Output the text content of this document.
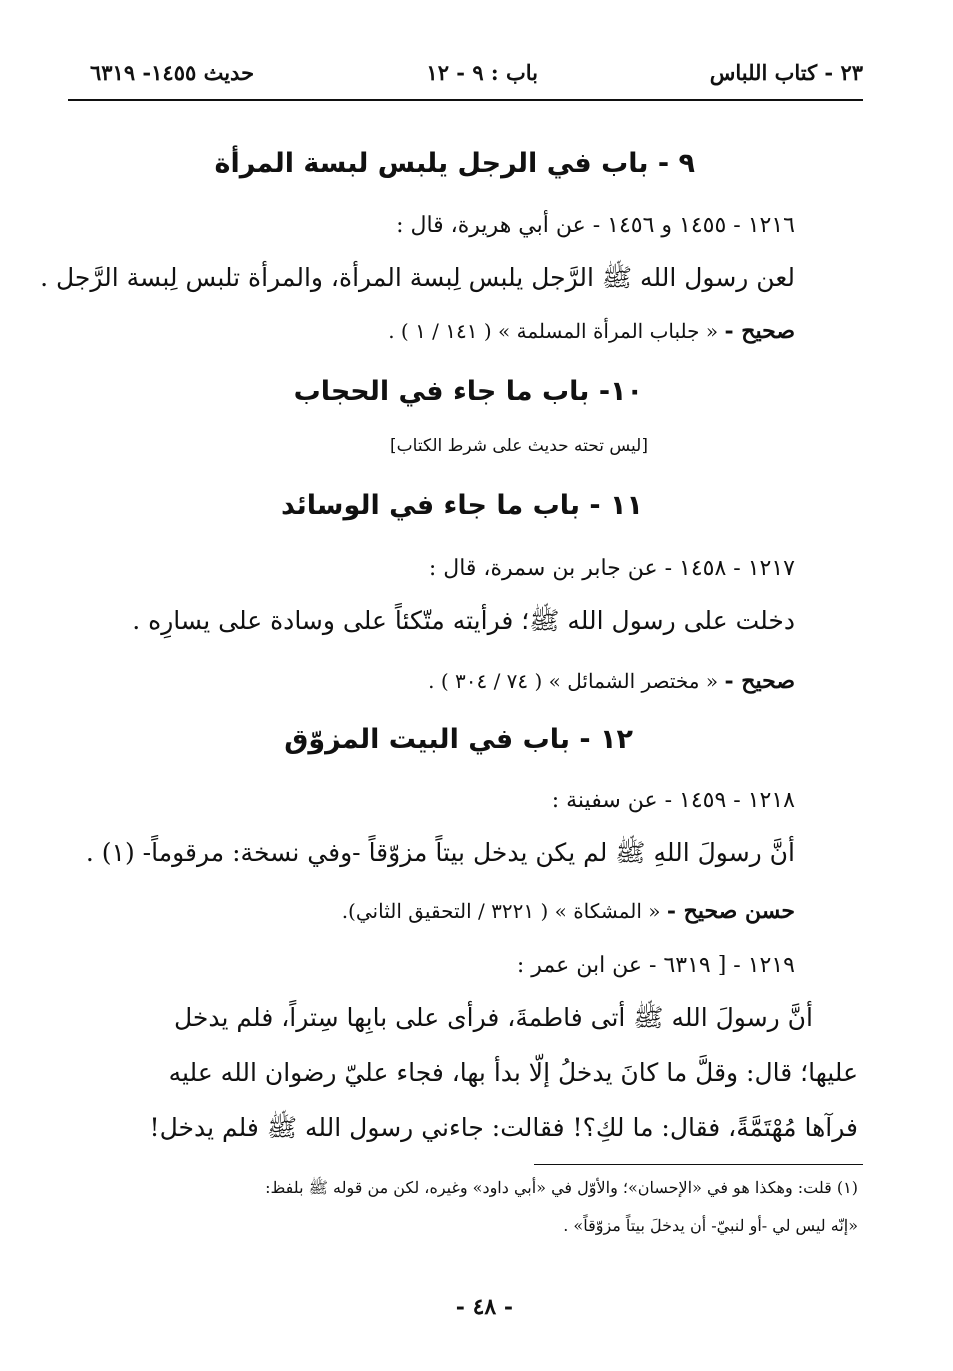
٢٣ - كتاب اللباس
باب : ٩ - ١٢
حديث ١٤٥٥- ٦٣١٩
٩ - باب في الرجل يلبس لبسة المرأة
١٢١٦ - ١٤٥٥ و ١٤٥٦ - عن أبي هريرة، قال :
لعن رسول الله ﷺ الرَّجل يلبس لِبسة المرأة، والمرأة تلبس لِبسة الرَّجل .
صحيح - « جلباب المرأة المسلمة » ( ١٤١ / ١ ) .
١٠- باب ما جاء في الحجاب
[ليس تحته حديث على شرط الكتاب]
١١ - باب ما جاء في الوسائد
١٢١٧ - ١٤٥٨ - عن جابر بن سمرة، قال :
دخلت على رسول الله ﷺ؛ فرأيته متّكئاً على وسادة على يسارِه .
صحيح - « مختصر الشمائل » ( ٧٤ / ٣٠٤ ) .
١٢ - باب في البيت المزوّق
١٢١٨ - ١٤٥٩ - عن سفينة :
أنَّ رسولَ اللهِ ﷺ لم يكن يدخل بيتاً مزوّقاً -وفي نسخة: مرقوماً- (١) .
حسن صحيح - « المشكاة » ( ٣٢٢١ / التحقيق الثاني).
١٢١٩ - [ ٦٣١٩ - عن ابن عمر :
أنَّ رسولَ الله ﷺ أتى فاطمةَ، فرأى على بابِها سِتراً، فلم يدخل
عليها؛ قال: وقلَّ ما كانَ يدخلُ إلّا بدأ بها، فجاء عليّ رضوان الله عليه
فرآها مُهْتَمَّةً، فقال: ما لكِ؟! فقالت: جاءني رسول الله ﷺ فلم يدخل!
(١) قلت: وهكذا هو في «الإحسان»؛ والأوّل في «أبي داود» وغيره، لكن من قوله ﷺ بلفظ:
«إنّه ليس لي -أو لنبيّ- أن يدخلَ بيتاً مزوّقاً» .
- ٤٨ -
